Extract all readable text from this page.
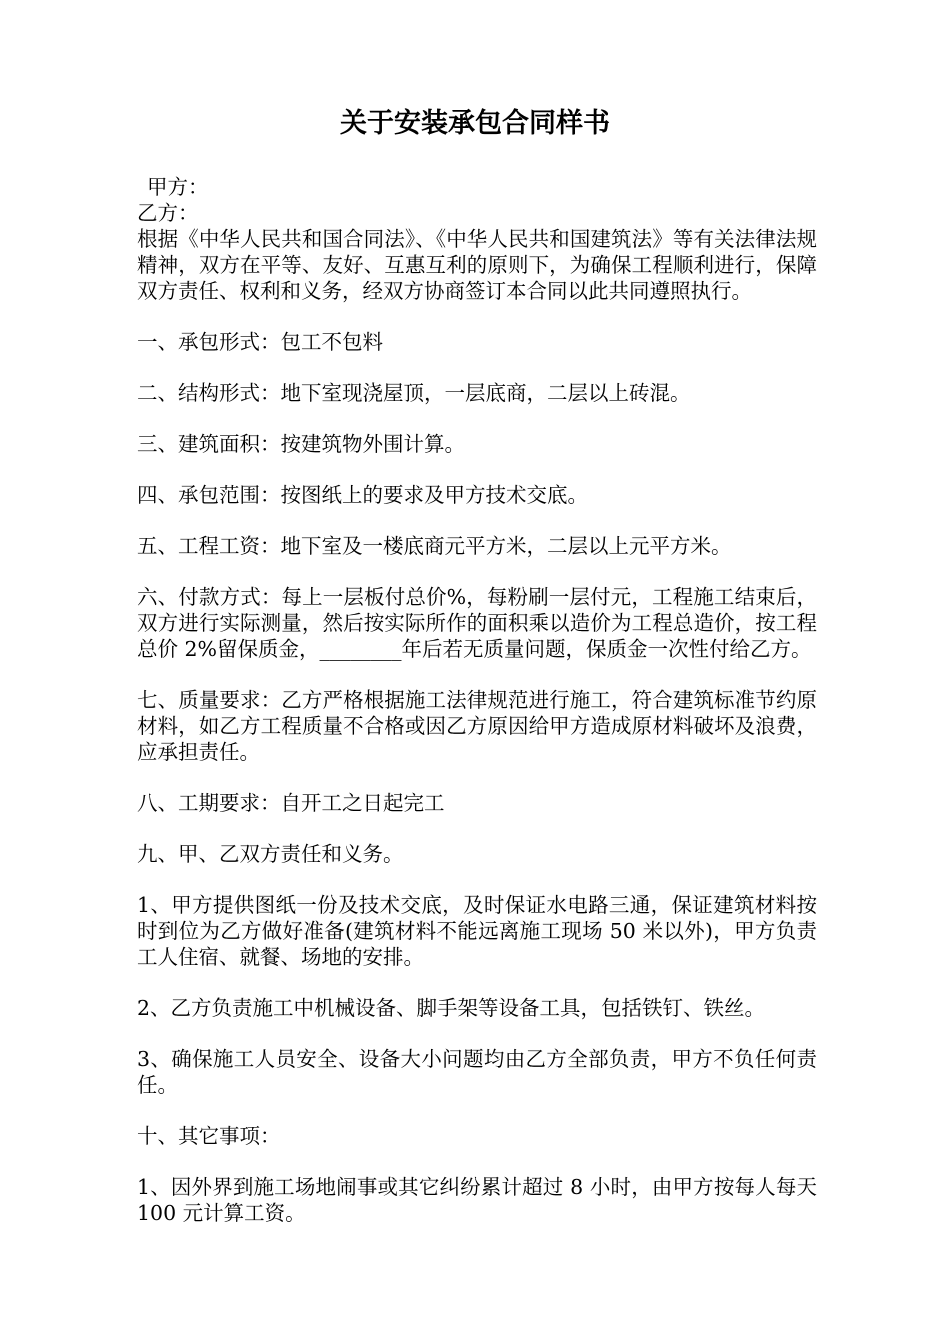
关于安装承包合同样书
甲方：
乙方：

根据《中华人民共和国合同法》、《中华人民共和国建筑法》等有关法律法规精神，双方在平等、友好、互惠互利的原则下，为确保工程顺利进行，保障双方责任、权利和义务，经双方协商签订本合同以此共同遵照执行。

一、承包形式：包工不包料

二、结构形式：地下室现浇屋顶，一层底商，二层以上砖混。

三、建筑面积：按建筑物外围计算。

四、承包范围：按图纸上的要求及甲方技术交底。

五、工程工资：地下室及一楼底商元平方米，二层以上元平方米。

六、付款方式：每上一层板付总价%，每粉刷一层付元，工程施工结束后，双方进行实际测量，然后按实际所作的面积乘以造价为工程总造价，按工程总价 2%留保质金，________年后若无质量问题，保质金一次性付给乙方。

七、质量要求：乙方严格根据施工法律规范进行施工，符合建筑标准节约原材料，如乙方工程质量不合格或因乙方原因给甲方造成原材料破坏及浪费，应承担责任。

八、工期要求：自开工之日起完工

九、甲、乙双方责任和义务。

1、甲方提供图纸一份及技术交底，及时保证水电路三通，保证建筑材料按时到位为乙方做好准备(建筑材料不能远离施工现场 50 米以外)，甲方负责工人住宿、就餐、场地的安排。

2、乙方负责施工中机械设备、脚手架等设备工具，包括铁钉、铁丝。

3、确保施工人员安全、设备大小问题均由乙方全部负责，甲方不负任何责任。

十、其它事项：

1、因外界到施工场地闹事或其它纠纷累计超过 8 小时，由甲方按每人每天 100 元计算工资。
